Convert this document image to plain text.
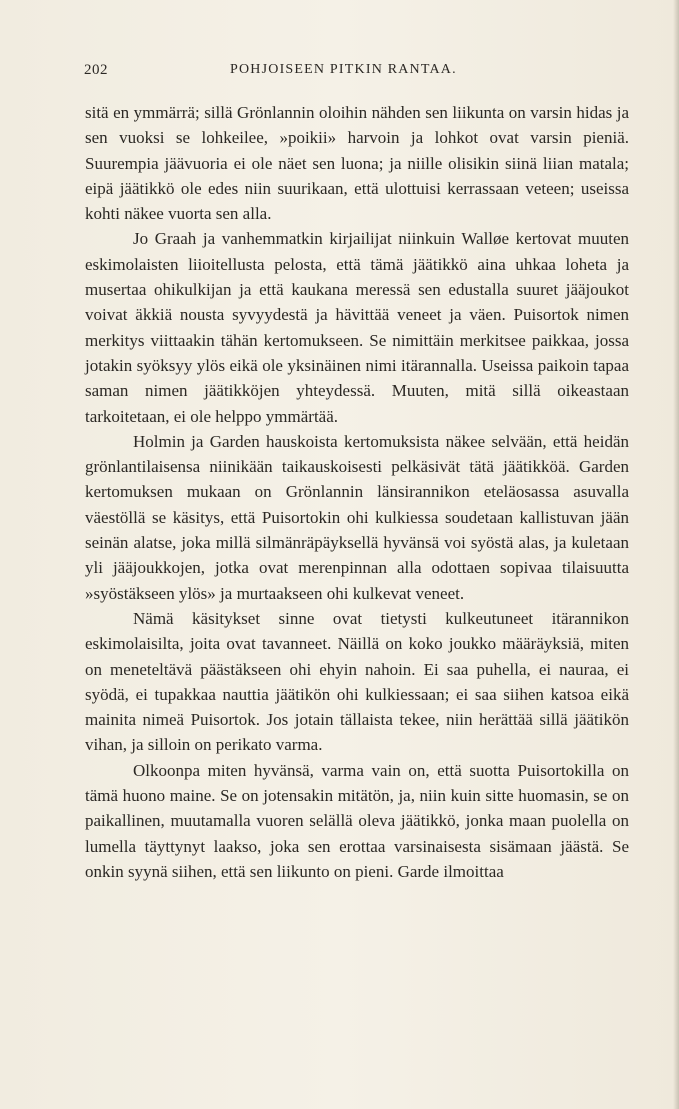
202	POHJOISEEN PITKIN RANTAA.

sitä en ymmärrä; sillä Grönlannin oloihin nähden sen liikunta on varsin hidas ja sen vuoksi se lohkeilee, »poikii» harvoin ja lohkot ovat varsin pieniä. Suurempia jäävuoria ei ole näet sen luona; ja niille olisikin siinä liian matala; eipä jäätikkö ole edes niin suurikaan, että ulottuisi kerrassaan veteen; useissa kohti näkee vuorta sen alla.

Jo Graah ja vanhemmatkin kirjailijat niinkuin Walløe kertovat muuten eskimolaisten liioitellusta pelosta, että tämä jäätikkö aina uhkaa loheta ja musertaa ohikulkijan ja että kaukana meressä sen edustalla suuret jääjoukot voivat äkkiä nousta syvyydestä ja hävittää veneet ja väen. Puisortok nimen merkitys viittaakin tähän kertomukseen. Se nimittäin merkitsee paikkaa, jossa jotakin syöksyy ylös eikä ole yksinäinen nimi itärannalla. Useissa paikoin tapaa saman nimen jäätikköjen yhteydessä. Muuten, mitä sillä oikeastaan tarkoitetaan, ei ole helppo ymmärtää.

Holmin ja Garden hauskoista kertomuksista näkee selvään, että heidän grönlantilaisensa niinikään taikauskoisesti pelkäsivät tätä jäätikköä. Garden kertomuksen mukaan on Grönlannin länsirannikon eteläosassa asuvalla väestöllä se käsitys, että Puisortokin ohi kulkiessa soudetaan kallistuvan jään seinän alatse, joka millä silmänräpäyksellä hyvänsä voi syöstä alas, ja kuletaan yli jääjoukkojen, jotka ovat merenpinnan alla odottaen sopivaa tilaisuutta »syöstäkseen ylös» ja murtaakseen ohi kulkevat veneet.

Nämä käsitykset sinne ovat tietysti kulkeutuneet itärannikon eskimolaisilta, joita ovat tavanneet. Näillä on koko joukko määräyksiä, miten on meneteltävä päästäkseen ohi ehyin nahoin. Ei saa puhella, ei nauraa, ei syödä, ei tupakkaa nauttia jäätikön ohi kulkiessaan; ei saa siihen katsoa eikä mainita nimeä Puisortok. Jos jotain tällaista tekee, niin herättää sillä jäätikön vihan, ja silloin on perikato varma.

Olkoonpa miten hyvänsä, varma vain on, että suotta Puisortokilla on tämä huono maine. Se on jotensakin mitätön, ja, niin kuin sitte huomasin, se on paikallinen, muutamalla vuoren selällä oleva jäätikkö, jonka maan puolella on lumella täyttynyt laakso, joka sen erottaa varsinaisesta sisämaan jäästä. Se onkin syynä siihen, että sen liikunto on pieni. Garde ilmoittaa
